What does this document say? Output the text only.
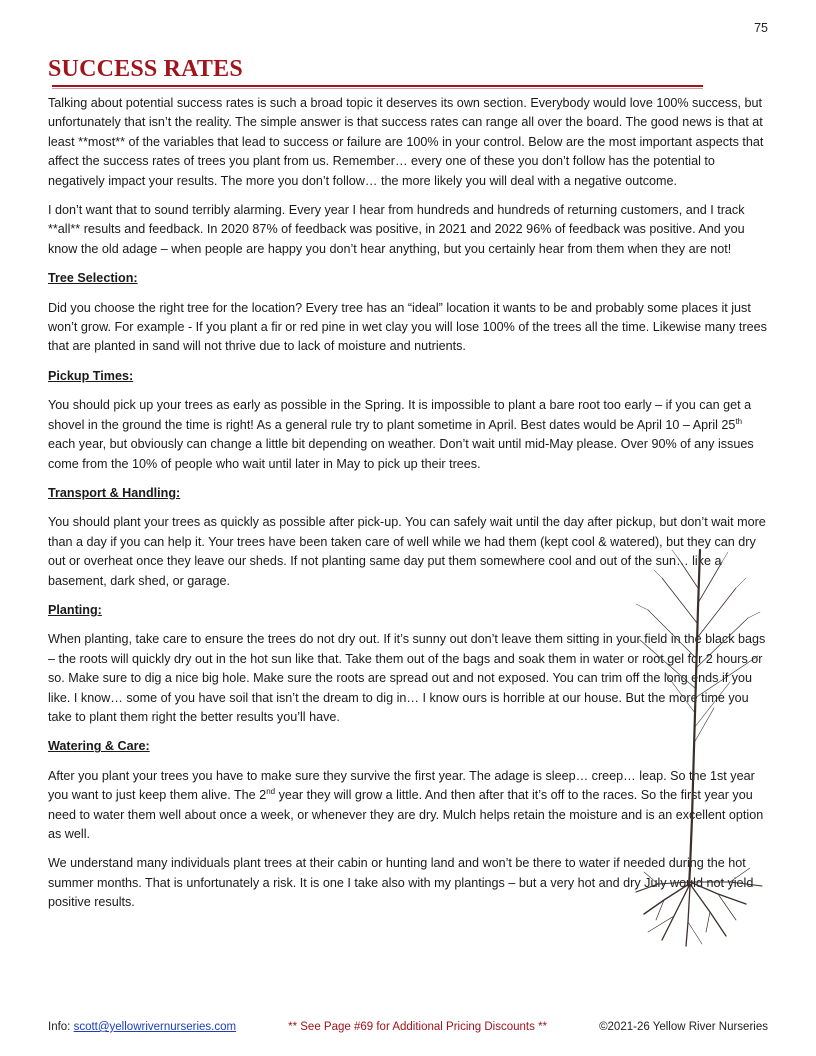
75
SUCCESS RATES

Talking about potential success rates is such a broad topic it deserves its own section. Everybody would love 100% success, but unfortunately that isn’t the reality. The simple answer is that success rates can range all over the board. The good news is that at least **most** of the variables that lead to success or failure are 100% in your control. Below are the most important aspects that affect the success rates of trees you plant from us. Remember… every one of these you don’t follow has the potential to negatively impact your results. The more you don’t follow… the more likely you will deal with a negative outcome.

I don’t want that to sound terribly alarming. Every year I hear from hundreds and hundreds of returning customers, and I track **all** results and feedback. In 2020 87% of feedback was positive, in 2021 and 2022 96% of feedback was positive. And you know the old adage – when people are happy you don’t hear anything, but you certainly hear from them when they are not!

Tree Selection:

Did you choose the right tree for the location? Every tree has an “ideal” location it wants to be and probably some places it just won’t grow. For example - If you plant a fir or red pine in wet clay you will lose 100% of the trees all the time. Likewise many trees that are planted in sand will not thrive due to lack of moisture and nutrients.

Pickup Times:

You should pick up your trees as early as possible in the Spring. It is impossible to plant a bare root too early – if you can get a shovel in the ground the time is right! As a general rule try to plant sometime in April. Best dates would be April 10 – April 25th each year, but obviously can change a little bit depending on weather. Don’t wait until mid-May please. Over 90% of any issues come from the 10% of people who wait until later in May to pick up their trees.

Transport & Handling:

You should plant your trees as quickly as possible after pick-up. You can safely wait until the day after pickup, but don’t wait more than a day if you can help it. Your trees have been taken care of well while we had them (kept cool & watered), but they can dry out or overheat once they leave our sheds. If not planting same day put them somewhere cool and out of the sun… like a basement, dark shed, or garage.

Planting:

When planting, take care to ensure the trees do not dry out. If it’s sunny out don’t leave them sitting in your field in the black bags – the roots will quickly dry out in the hot sun like that. Take them out of the bags and soak them in water or root gel for 2 hours or so. Make sure to dig a nice big hole. Make sure the roots are spread out and not exposed. You can trim off the long ends if you like. I know… some of you have soil that isn’t the dream to dig in… I know ours is horrible at our house. But the more time you take to plant them right the better results you’ll have.

Watering & Care:

After you plant your trees you have to make sure they survive the first year. The adage is sleep… creep… leap. So the 1st year you want to just keep them alive. The 2nd year they will grow a little. And then after that it’s off to the races. So the first year you need to water them well about once a week, or whenever they are dry. Mulch helps retain the moisture and is an excellent option as well.

We understand many individuals plant trees at their cabin or hunting land and won’t be there to water if needed during the hot summer months. That is unfortunately a risk. It is one I take also with my plantings – but a very hot and dry July would not yield positive results.

Info: scott@yellowrivernurseries.com	** See Page #69 for Additional Pricing Discounts **	©2021-26 Yellow River Nurseries
